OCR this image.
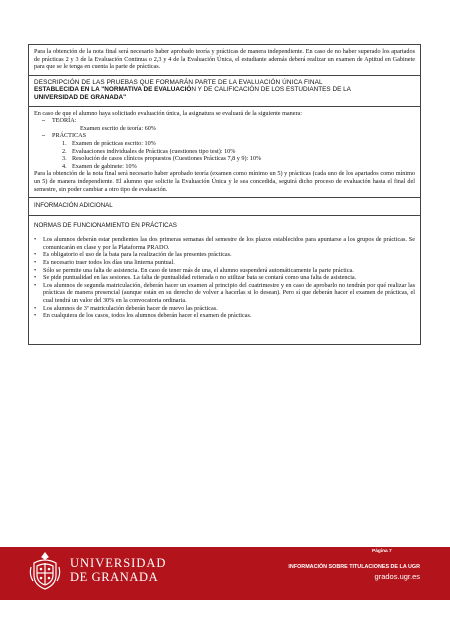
Para la obtención de la nota final será necesario haber aprobado teoría y prácticas de manera independiente. En caso de no haber superado los apartados de prácticas 2 y 3 de la Evaluación Continua o 2,3 y 4 de la Evaluación Única, el estudiante además deberá realizar un examen de Aptitud en Gabinete para que se le tenga en cuenta la parte de prácticas.

DESCRIPCIÓN DE LAS PRUEBAS QUE FORMARÁN PARTE DE LA EVALUACIÓN ÚNICA FINAL
ESTABLECIDA EN LA "NORMATIVA DE EVALUACIÓN Y DE CALIFICACIÓN DE LOS ESTUDIANTES DE LA
UNIVERSIDAD DE GRANADA"

En caso de que el alumno haya solicitado evaluación única, la asignatura se evaluará de la siguiente manera:

– TEORÍA:
Examen escrito de teoría: 60%
– PRÁCTICAS
1. Examen de prácticas escrito: 10%
2. Evaluaciones individuales de Prácticas (cuestiones tipo test): 10%
3. Resolución de casos clínicos propuestos (Cuestiones Prácticas 7,8 y 9): 10%
4. Examen de gabinete: 10%

Para la obtención de la nota final será necesario haber aprobado teoría (examen como mínimo un 5) y prácticas (cada uno de los apartados como mínimo un 5) de manera independiente. El alumno que solicite la Evaluación Única y le sea concedida, seguirá dicho proceso de evaluación hasta el final del semestre, sin poder cambiar a otro tipo de evaluación.

INFORMACIÓN ADICIONAL
NORMAS DE FUNCIONAMIENTO EN PRÁCTICAS
• Los alumnos deberán estar pendientes las dos primeras semanas del semestre de los plazos establecidos para apuntarse a los grupos de prácticas. Se comunicarán en clase y por la Plataforma PRADO.
• Es obligatorio el uso de la bata para la realización de las presentes prácticas.
• Es necesario traer todos los días una linterna puntual.
• Sólo se permite una falta de asistencia. En caso de tener más de una, el alumno suspenderá automáticamente la parte práctica.
• Se pide puntualidad en las sesiones. La falta de puntualidad reiterada o no utilizar bata se contará como una falta de asistencia.
• Los alumnos de segunda matriculación, deberán hacer un examen al principio del cuatrimestre y en caso de aprobarlo no tendrán por qué realizar las prácticas de manera presencial (aunque están en su derecho de volver a hacerlas si lo desean). Pero sí que deberán hacer el examen de prácticas, el cual tendrá un valor del 30% en la convocatoria ordinaria.
• Los alumnos de 3ª matriculación deberán hacer de nuevo las prácticas.
• En cualquiera de los casos, todos los alumnos deberán hacer el examen de prácticas.
UNIVERSIDAD
DE GRANADA
Página 7
INFORMACIÓN SOBRE TITULACIONES DE LA UGR
grados.ugr.es
